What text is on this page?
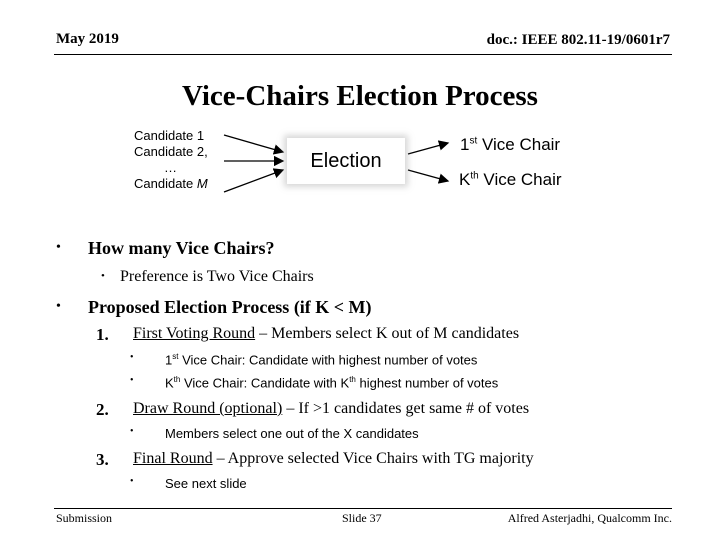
May 2019	doc.: IEEE 802.11-19/0601r7
Vice-Chairs Election Process
Candidate 1
Candidate 2,
…
Candidate M
Election
1st Vice Chair
$K^{th}$ Vice Chair
• How many Vice Chairs?
• Preference is Two Vice Chairs
• Proposed Election Process (if K < M)
1. First Voting Round – Members select K out of M candidates
• 1st Vice Chair: Candidate with highest number of votes
• $K^{th}$ Vice Chair: Candidate with $K^{th}$ highest number of votes
2. Draw Round (optional) – If >1 candidates get same # of votes
• Members select one out of the X candidates
3. Final Round – Approve selected Vice Chairs with TG majority
• See next slide
Submission	Slide 37	Alfred Asterjadhi, Qualcomm Inc.
